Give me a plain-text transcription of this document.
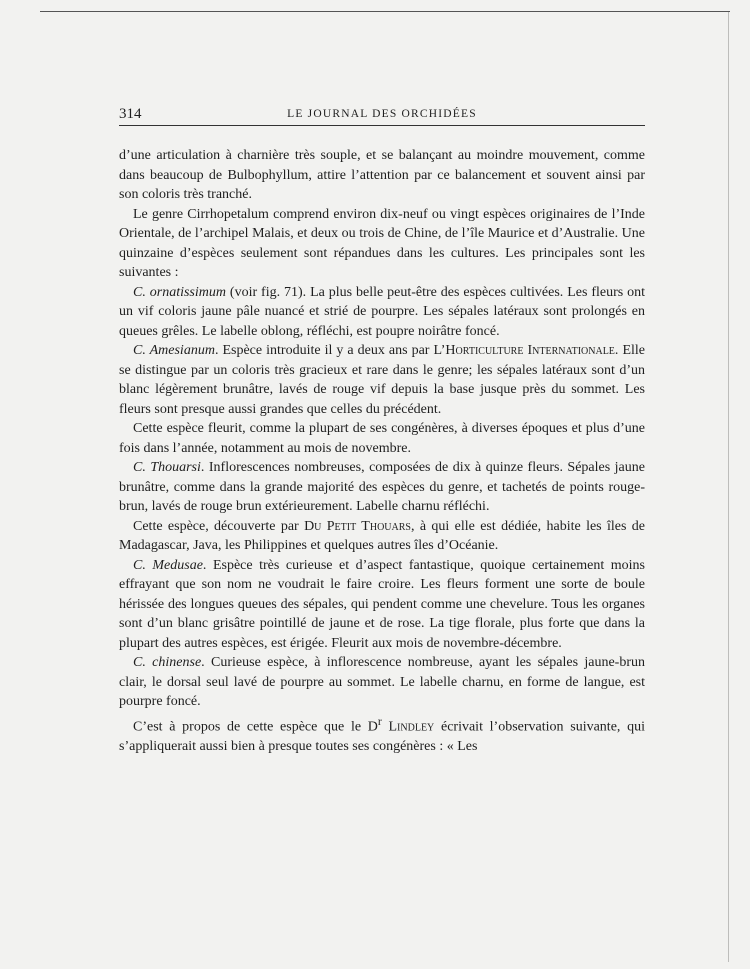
314	LE JOURNAL DES ORCHIDÉES

d’une articulation à charnière très souple, et se balançant au moindre mouvement, comme dans beaucoup de Bulbophyllum, attire l’attention par ce balancement et souvent ainsi par son coloris très tranché.

Le genre Cirrhopetalum comprend environ dix-neuf ou vingt espèces originaires de l’Inde Orientale, de l’archipel Malais, et deux ou trois de Chine, de l’île Maurice et d’Australie. Une quinzaine d’espèces seulement sont répandues dans les cultures. Les principales sont les suivantes :

C. ornatissimum (voir fig. 71). La plus belle peut-être des espèces cultivées. Les fleurs ont un vif coloris jaune pâle nuancé et strié de pourpre. Les sépales latéraux sont prolongés en queues grêles. Le labelle oblong, réfléchi, est poupre noirâtre foncé.

C. Amesianum. Espèce introduite il y a deux ans par L’Horticulture Internationale. Elle se distingue par un coloris très gracieux et rare dans le genre; les sépales latéraux sont d’un blanc légèrement brunâtre, lavés de rouge vif depuis la base jusque près du sommet. Les fleurs sont presque aussi grandes que celles du précédent.

Cette espèce fleurit, comme la plupart de ses congénères, à diverses époques et plus d’une fois dans l’année, notamment au mois de novembre.

C. Thouarsi. Inflorescences nombreuses, composées de dix à quinze fleurs. Sépales jaune brunâtre, comme dans la grande majorité des espèces du genre, et tachetés de points rouge-brun, lavés de rouge brun extérieurement. Labelle charnu réfléchi.

Cette espèce, découverte par Du Petit Thouars, à qui elle est dédiée, habite les îles de Madagascar, Java, les Philippines et quelques autres îles d’Océanie.

C. Medusae. Espèce très curieuse et d’aspect fantastique, quoique certainement moins effrayant que son nom ne voudrait le faire croire. Les fleurs forment une sorte de boule hérissée des longues queues des sépales, qui pendent comme une chevelure. Tous les organes sont d’un blanc grisâtre pointillé de jaune et de rose. La tige florale, plus forte que dans la plupart des autres espèces, est érigée. Fleurit aux mois de novembre-décembre.

C. chinense. Curieuse espèce, à inflorescence nombreuse, ayant les sépales jaune-brun clair, le dorsal seul lavé de pourpre au sommet. Le labelle charnu, en forme de langue, est pourpre foncé.

C’est à propos de cette espèce que le $D^r$ Lindley écrivait l’observation suivante, qui s’appliquerait aussi bien à presque toutes ses congénères : « Les
